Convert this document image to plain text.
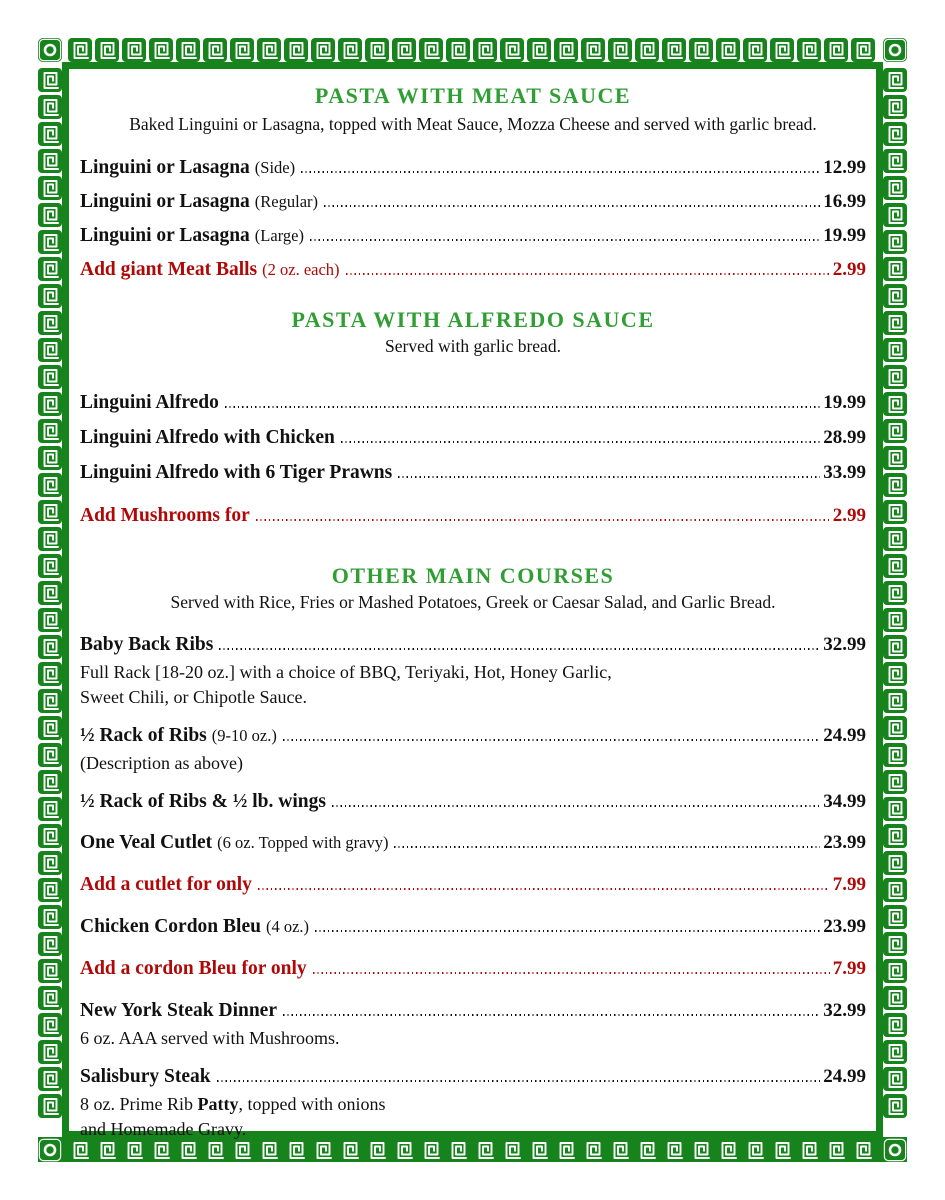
PASTA WITH MEAT SAUCE

Baked Linguini or Lasagna, topped with Meat Sauce, Mozza Cheese and served with garlic bread.

Linguini or Lasagna (Side)	12.99
Linguini or Lasagna (Regular)	16.99
Linguini or Lasagna (Large)	19.99
Add giant Meat Balls (2 oz. each)	2.99
PASTA WITH ALFREDO SAUCE

Served with garlic bread.

Linguini Alfredo	19.99
Linguini Alfredo with Chicken	28.99
Linguini Alfredo with 6 Tiger Prawns	33.99
Add Mushrooms for	2.99
OTHER MAIN COURSES

Served with Rice, Fries or Mashed Potatoes, Greek or Caesar Salad, and Garlic Bread.

Baby Back Ribs	32.99

Full Rack [18-20 oz.] with a choice of BBQ, Teriyaki, Hot, Honey Garlic,

Sweet Chili, or Chipotle Sauce.

½ Rack of Ribs (9-10 oz.)	24.99

(Description as above)

½ Rack of Ribs & ½ lb. wings	34.99
One Veal Cutlet (6 oz. Topped with gravy)	23.99
Add a cutlet for only	7.99
Chicken Cordon Bleu (4 oz.)	23.99
Add a cordon Bleu for only	7.99
New York Steak Dinner	32.99

6 oz. AAA served with Mushrooms.

Salisbury Steak	24.99

8 oz. Prime Rib Patty, topped with onions

and Homemade Gravy.
